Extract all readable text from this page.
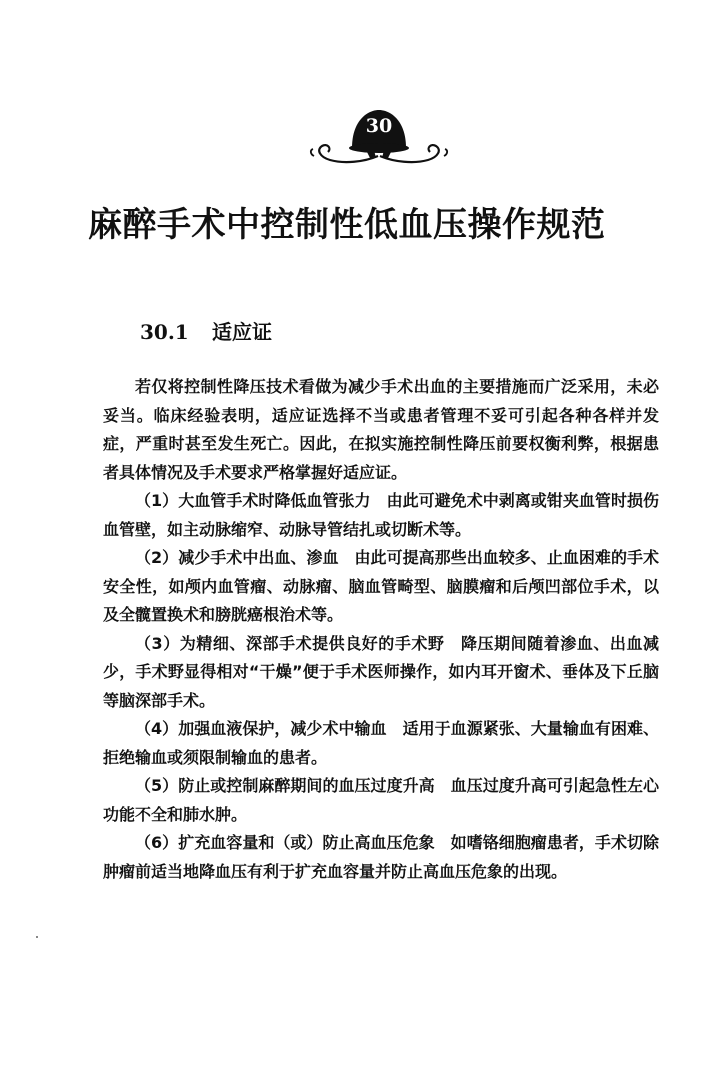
30
麻醉手术中控制性低血压操作规范
30.1 适应证

若仅将控制性降压技术看做为减少手术出血的主要措施而广泛采用，未必妥当。临床经验表明，适应证选择不当或患者管理不妥可引起各种各样并发症，严重时甚至发生死亡。因此，在拟实施控制性降压前要权衡利弊，根据患者具体情况及手术要求严格掌握好适应证。

（1）大血管手术时降低血管张力　由此可避免术中剥离或钳夹血管时损伤血管壁，如主动脉缩窄、动脉导管结扎或切断术等。

（2）减少手术中出血、渗血　由此可提高那些出血较多、止血困难的手术安全性，如颅内血管瘤、动脉瘤、脑血管畸型、脑膜瘤和后颅凹部位手术，以及全髋置换术和膀胱癌根治术等。

（3）为精细、深部手术提供良好的手术野　降压期间随着渗血、出血减少，手术野显得相对“干燥”便于手术医师操作，如内耳开窗术、垂体及下丘脑等脑深部手术。

（4）加强血液保护，减少术中输血　适用于血源紧张、大量输血有困难、拒绝输血或须限制输血的患者。

（5）防止或控制麻醉期间的血压过度升高　血压过度升高可引起急性左心功能不全和肺水肿。

（6）扩充血容量和（或）防止高血压危象　如嗜铬细胞瘤患者，手术切除肿瘤前适当地降血压有利于扩充血容量并防止高血压危象的出现。
